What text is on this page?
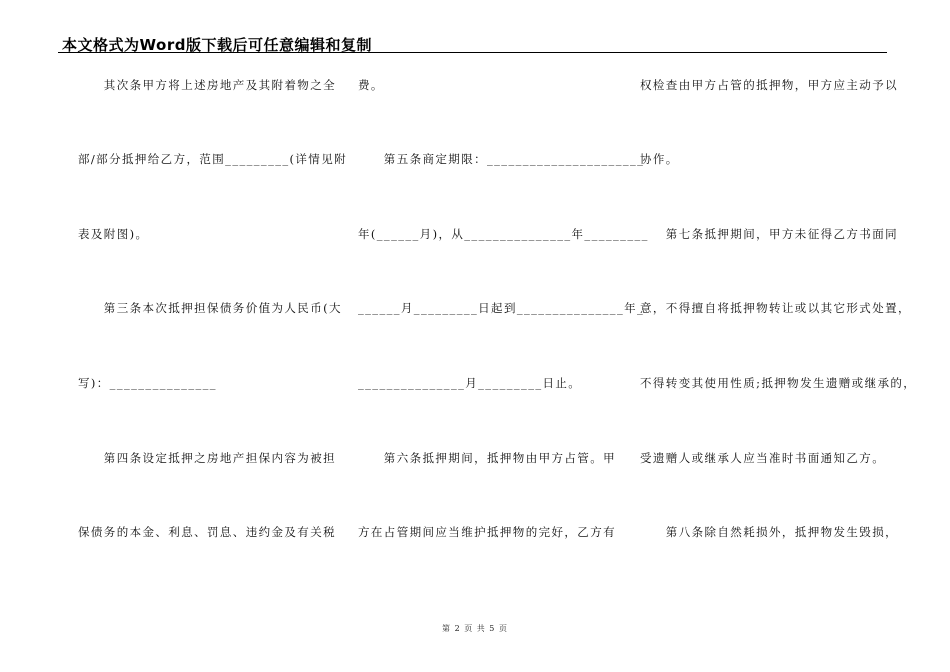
本文格式为Word版下载后可任意编辑和复制

　　其次条甲方将上述房地产及其附着物之全

部/部分抵押给乙方，范围_________(详情见附

表及附图)。

　　第三条本次抵押担保债务价值为人民币(大

写)：_______________

　　第四条设定抵押之房地产担保内容为被担

保债务的本金、利息、罚息、违约金及有关税

费。

　　第五条商定期限：______________________

年(______月)，从_______________年_________

______月_________日起到_______________年_

_______________月_________日止。

　　第六条抵押期间，抵押物由甲方占管。甲

方在占管期间应当维护抵押物的完好，乙方有

权检查由甲方占管的抵押物，甲方应主动予以

协作。

　　第七条抵押期间，甲方未征得乙方书面同

意，不得擅自将抵押物转让或以其它形式处置，

不得转变其使用性质;抵押物发生遗赠或继承的，

受遗赠人或继承人应当准时书面通知乙方。

　　第八条除自然耗损外，抵押物发生毁损，

第 2 页 共 5 页
